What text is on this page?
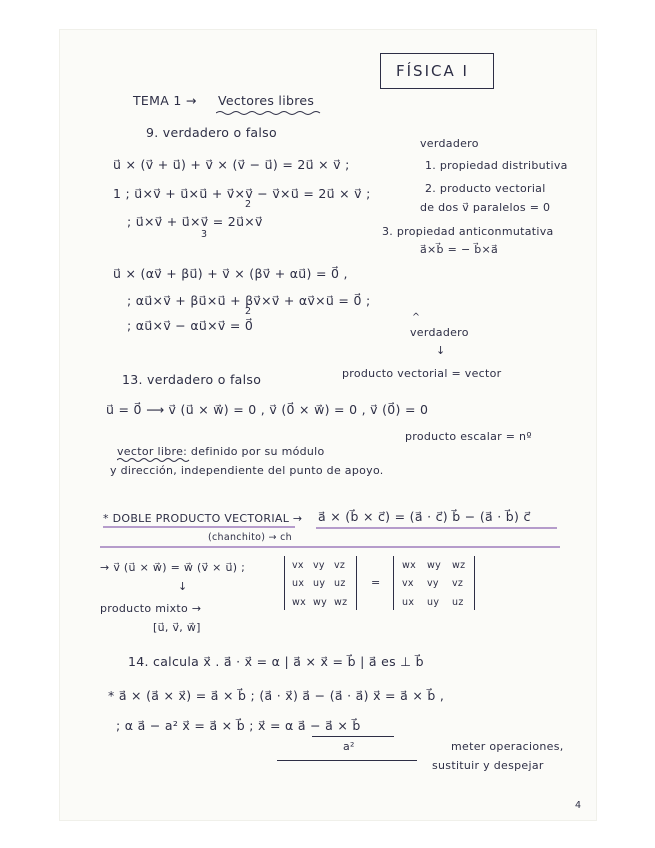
FÍSICA I
TEMA 1 → Vectores libres
9. verdadero o falso
verdadero
u⃗ × (v⃗ + u⃗) + v⃗ × (v⃗ − u⃗) = 2u⃗ × v⃗ ;	1. propiedad distributiva
1 ; u⃗×v⃗ + u⃗×u⃗ + v⃗×v⃗ − v⃗×u⃗ = 2u⃗ × v⃗ ;
2
2. producto vectorial
de dos v⃗ paralelos = 0
; u⃗×v⃗ + u⃗×v⃗ = 2u⃗×v⃗
3	3. propiedad anticonmutativa
a⃗×b⃗ = − b⃗×a⃗
u⃗ × (αv⃗ + βu⃗) + v⃗ × (βv⃗ + αu⃗) = 0⃗ ,
; αu⃗×v⃗ + βu⃗×u⃗ + βv⃗×v⃗ + αv⃗×u⃗ = 0⃗ ;
2
; αu⃗×v⃗ − αu⃗×v⃗ = 0⃗
^
verdadero
↓
13. verdadero o falso	producto vectorial = vector
u⃗ = 0⃗ ⟶ v⃗ (u⃗ × w⃗) = 0 , v⃗ (0⃗ × w⃗) = 0 , v⃗ (0⃗) = 0
producto escalar = nº
vector libre: definido por su módulo
y dirección, independiente del punto de apoyo.
* DOBLE PRODUCTO VECTORIAL → a⃗ × (b⃗ × c⃗) = (a⃗ · c⃗) b⃗ − (a⃗ · b⃗) c⃗
(chanchito) → ch
→ v⃗ (u⃗ × w⃗) = w⃗ (v⃗ × u⃗) ;
↓
producto mixto →
[u⃗, v⃗, w⃗]
vx vy vz
ux uy uz
wx wy wz
=
wx wy wz
vx vy vz
ux uy uz
14. calcula x⃗ . a⃗ · x⃗ = α | a⃗ × x⃗ = b⃗ | a⃗ es ⊥ b⃗
* a⃗ × (a⃗ × x⃗) = a⃗ × b⃗ ; (a⃗ · x⃗) a⃗ − (a⃗ · a⃗) x⃗ = a⃗ × b⃗ ,
; α a⃗ − a² x⃗ = a⃗ × b⃗ ; x⃗ = α a⃗ − a⃗ × b⃗
a²	meter operaciones,
sustituir y despejar
4
